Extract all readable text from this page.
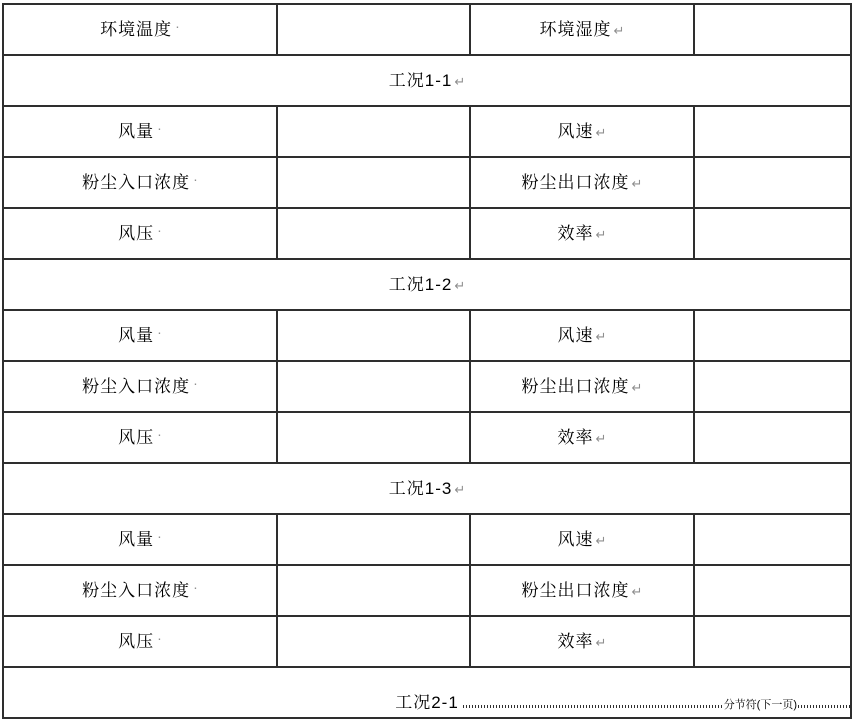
环境温度 ·		环境湿度 ↵	
工况1-1 ↵			
风量 ·		风速 ↵	
粉尘入口浓度 ·		粉尘出口浓度 ↵	
风压 ·		效率 ↵	
工况1-2 ↵			
风量 ·		风速 ↵	
粉尘入口浓度 ·		粉尘出口浓度 ↵	
风压 ·		效率 ↵	
工况1-3 ↵			
风量 ·		风速 ↵	
粉尘入口浓度 ·		粉尘出口浓度 ↵	
风压 ·		效率 ↵	

工况2-1 分节符(下一页)			
